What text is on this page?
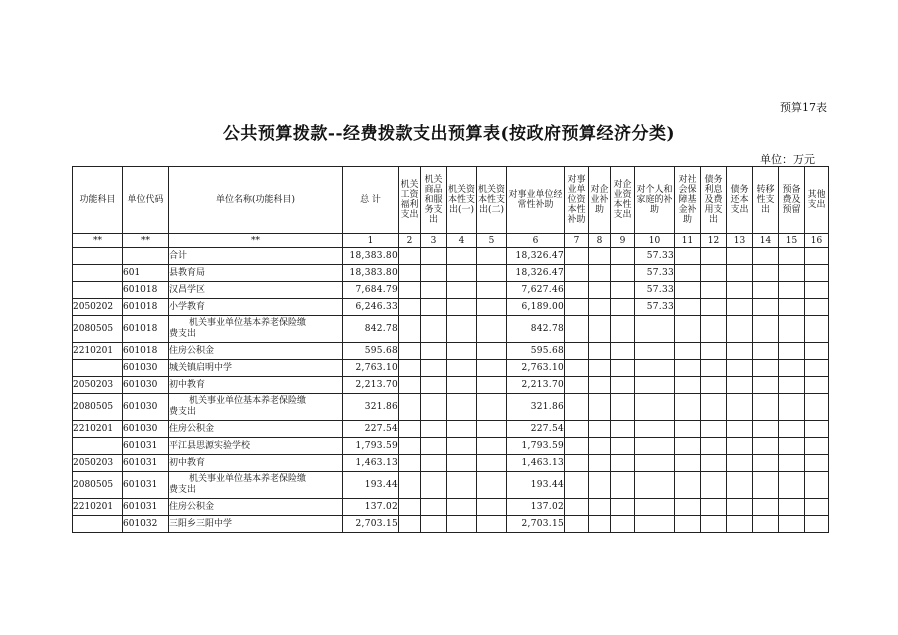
预算17表
公共预算拨款--经费拨款支出预算表(按政府预算经济分类)
单位：万元
功能科目	单位代码	单位名称(功能科目)	总 计	机关工资福利支出	机关商品和服务支出	机关资本性支出(一)	机关资本性支出(二)	对事业单位经常性补助	对事业单位资本性补助	对企业补助	对企业资本性支出	对个人和家庭的补助	对社会保障基金补助	债务利息及费用支出	债务还本支出	转移性支出	预备费及预留	其他支出
**	**	**	1	2	3	4	5	6	7	8	9	10	11	12	13	14	15	16
		合计	18,383.80					18,326.47				57.33						
	601	县教育局	18,383.80					18,326.47				57.33						
	601018	汉昌学区	7,684.79					7,627.46				57.33						
2050202	601018	小学教育	6,246.33					6,189.00				57.33						
2080505	601018	机关事业单位基本养老保险缴
费支出	842.78					842.78										
2210201	601018	住房公积金	595.68					595.68										
	601030	城关镇启明中学	2,763.10					2,763.10										
2050203	601030	初中教育	2,213.70					2,213.70										
2080505	601030	机关事业单位基本养老保险缴
费支出	321.86					321.86										
2210201	601030	住房公积金	227.54					227.54										
	601031	平江县思源实验学校	1,793.59					1,793.59										
2050203	601031	初中教育	1,463.13					1,463.13										
2080505	601031	机关事业单位基本养老保险缴
费支出	193.44					193.44										
2210201	601031	住房公积金	137.02					137.02										
	601032	三阳乡三阳中学	2,703.15					2,703.15										
